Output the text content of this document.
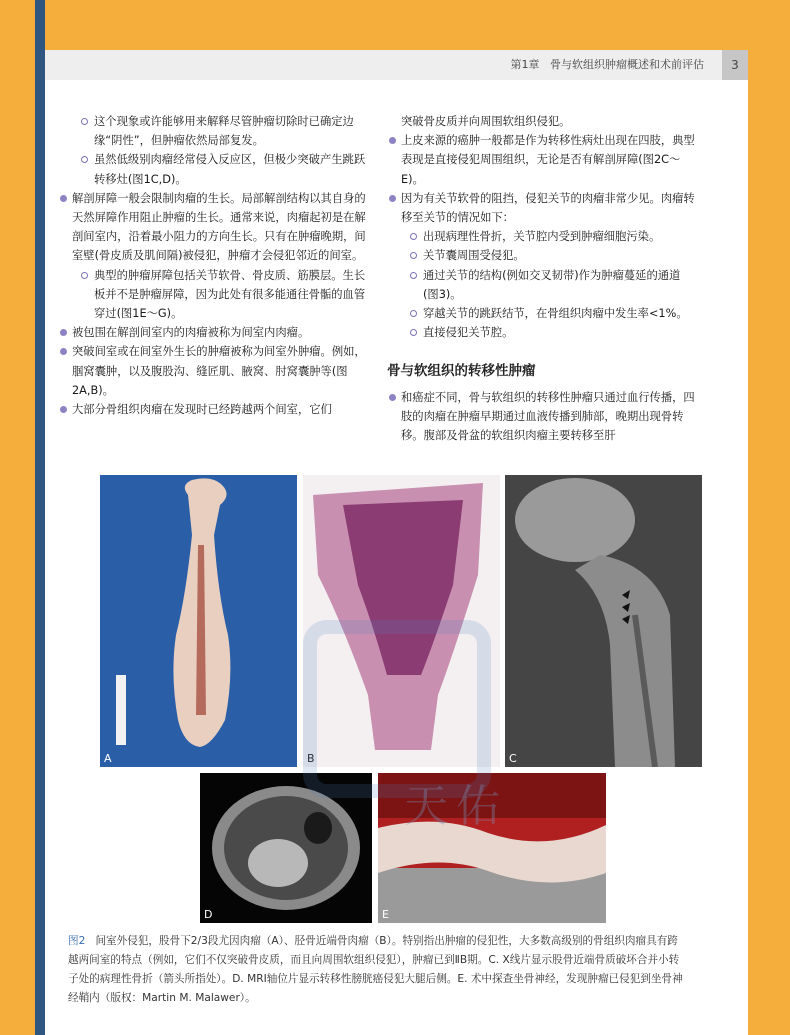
第1章 骨与软组织肿瘤概述和术前评估	3
这个现象或许能够用来解释尽管肿瘤切除时已确定边缘“阴性”，但肿瘤依然局部复发。
虽然低级别肉瘤经常侵入反应区，但极少突破产生跳跃转移灶(图1C,D)。
解剖屏障一般会限制肉瘤的生长。局部解剖结构以其自身的天然屏障作用阻止肿瘤的生长。通常来说，肉瘤起初是在解剖间室内，沿着最小阻力的方向生长。只有在肿瘤晚期，间室壁(骨皮质及肌间隔)被侵犯，肿瘤才会侵犯邻近的间室。
典型的肿瘤屏障包括关节软骨、骨皮质、筋膜层。生长板并不是肿瘤屏障，因为此处有很多能通往骨骺的血管穿过(图1E～G)。
被包围在解剖间室内的肉瘤被称为间室内肉瘤。
突破间室或在间室外生长的肿瘤被称为间室外肿瘤。例如，腘窝囊肿，以及腹股沟、缝匠肌、腋窝、肘窝囊肿等(图2A,B)。
大部分骨组织肉瘤在发现时已经跨越两个间室，它们
突破骨皮质并向周围软组织侵犯。
上皮来源的癌肿一般都是作为转移性病灶出现在四肢，典型表现是直接侵犯周围组织，无论是否有解剖屏障(图2C～E)。
因为有关节软骨的阻挡，侵犯关节的肉瘤非常少见。肉瘤转移至关节的情况如下：
出现病理性骨折，关节腔内受到肿瘤细胞污染。
关节囊周围受侵犯。
通过关节的结构(例如交叉韧带)作为肿瘤蔓延的通道(图3)。
穿越关节的跳跃结节，在骨组织肉瘤中发生率<1%。
直接侵犯关节腔。
骨与软组织的转移性肿瘤
和癌症不同，骨与软组织的转移性肿瘤只通过血行传播，四肢的肉瘤在肿瘤早期通过血液传播到肺部，晚期出现骨转移。腹部及骨盆的软组织肉瘤主要转移至肝
A	B	C
D	E
天佑
图2 间室外侵犯，股骨下2/3段尤因肉瘤（A）、胫骨近端骨肉瘤（B）。特别指出肿瘤的侵犯性，大多数高级别的骨组织肉瘤具有跨越两间室的特点（例如，它们不仅突破骨皮质，而且向周围软组织侵犯），肿瘤已到ⅡB期。C. X线片显示股骨近端骨质破坏合并小转子处的病理性骨折（箭头所指处）。D. MRI轴位片显示转移性膀胱癌侵犯大腿后侧。E. 术中探查坐骨神经，发现肿瘤已侵犯到坐骨神经鞘内（版权：Martin M. Malawer）。
